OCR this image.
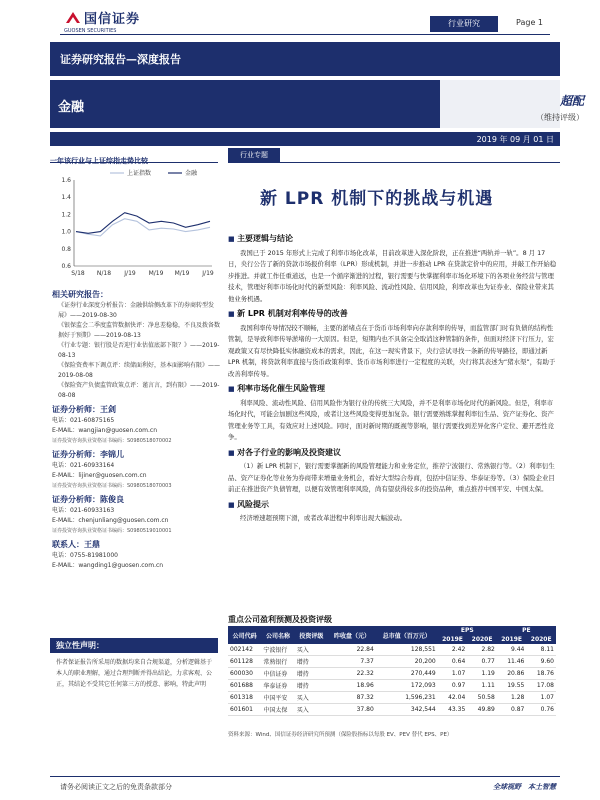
国信证券
GUOSEN SECURITIES
行业研究	Page 1
证券研究报告—深度报告
金融	超配
（维持评级）
2019 年 09 月 01 日
一年该行业与上证综指走势比较
0.6
0.8
1.0
1.2
1.4
1.6
S/18 N/18 J/19 M/19 M/19 J/19
上证指数	金融
相关研究报告：
《证券行业深度分析报告：金融供给侧改革下的券商转型发展》——2019-08-30
《银保监会二季度监管数据快评：净息差稳稳，不良及拨备数据好于预期》——2019-08-13
《行业专题：银行股是否迎行业估值底部下限？》——2019-08-13
《保险资费率下调点评：续储面利好，基本面影响有限》——2019-08-08
《保险资产负债监管政策点评：谨言言，到有限》——2019-08-08
证券分析师：王剑
电话：021-60875165
E-MAIL：wangjian@guosen.com.cn
证券投资咨询执业资格证书编码：S0980518070002
证券分析师：李锦儿
电话：021-60933164
E-MAIL：lijiner@guosen.com.cn
证券投资咨询执业资格证书编码：S0980518070003
证券分析师：陈俊良
电话：021-60933163
E-MAIL：chenjunliang@guosen.com.cn
证券投资咨询执业资格证书编码：S0980519010001
联系人：王鼎
电话：0755-81981000
E-MAIL：wangding1@guosen.com.cn
独立性声明：
作者保证报告所采用的数据均来自合规渠道，分析逻辑基于本人的职业理解，通过合理判断并得出结论，力求客观、公正，其结论不受其它任何第三方的授意、影响，特此声明
行业专题
新 LPR 机制下的挑战与机遇
■ 主要逻辑与结论

我国已于 2015 年形式上完成了利率市场化改革，目前改革进入深化阶段，正在推进“两轨并一轨”。8 月 17 日，央行公告了新的贷款市场报价利率（LPR）形成机制，并进一步推动 LPR 在贷款定价中的应用，并敲工作开始稳步推进。并就工作任重道远，也是一个循序渐进的过程，银行需要与快掌握利率市场化环境下的各项业务经营与管理技术，管理好利率市场化时代的新型风险：利率风险、流动性风险、信用风险，利率改革也为证券业、保险业带来其他业务机遇。

■ 新 LPR 机制对利率传导的改善

我国利率传导情况较不顺畅，主要的淤堵点在于货币市场利率向存款利率的传导，而监管部门时有负债的结构性管制，是导致利率传导淤堵的一大原因。但是，短期内也不具备完全取消这种管制的条件，但面对经济下行压力，宏观政策又有尽快降低实体融资成本的需求，因此，在这一现实背景下，央行尝试寻找一条新的传导路径，即通过新 LPR 机制，将贷款利率直接与货币政策利率、货币市场利率进行一定程度的关联，央行将其表述为“猪水渠”，有助于改善利率传导。

■ 利率市场化催生风险管理

利率风险、流动性风险、信用风险作为银行业的传统三大风险，并不是利率市场化时代的新风险。但是，利率市场化时代，可能会加剧这些风险，或者让这些风险变得更加复杂。银行需要熟练掌握利率衍生品、资产证券化、资产管理业务等工具，有效应对上述风险。同时，面对新时期的既视等影响，银行需要找到差异化客户定位、避开恶性竞争。

■ 对各子行业的影响及投资建议

（1）新 LPR 机制下，银行需要掌握新的风险管理能力和业务定位，推荐宁波银行、常熟银行等。（2）利率衍生品、资产证券化等业务为券商带来增量业务机会，看好大型综合券商，包括中信证券、华泰证券等。（3）保险企业目前正在推进资产负债管理，以便有效管理利率风险，尚有望获得较多的投资品种，重点推荐中国平安、中国太保。

■ 风险提示

经济增速超预期下滑，或者改革进程中利率出现大幅波动。

重点公司盈利预测及投资评级
公司代码	公司名称	投资评级	昨收盘（元）	总市值（百万元）	EPS		PE	
					2019E	2020E	2019E	2020E
002142	宁波银行	买入	22.84	128,551	2.42	2.82	9.44	8.11
601128	常熟银行	增持	7.37	20,200	0.64	0.77	11.46	9.60
600030	中信证券	增持	22.32	270,449	1.07	1.19	20.86	18.76
601688	华泰证券	增持	18.96	172,093	0.97	1.11	19.55	17.08
601318	中国平安	买入	87.32	1,596,231	42.04	50.58	1.28	1.07
601601	中国太保	买入	37.80	342,544	43.35	49.89	0.87	0.76
资料来源：Wind、国信证券经济研究所预测（保险股指标以每股 EV、PEV 替代 EPS、PE）
请务必阅读正文之后的免责条款部分	全球视野　本土智慧
